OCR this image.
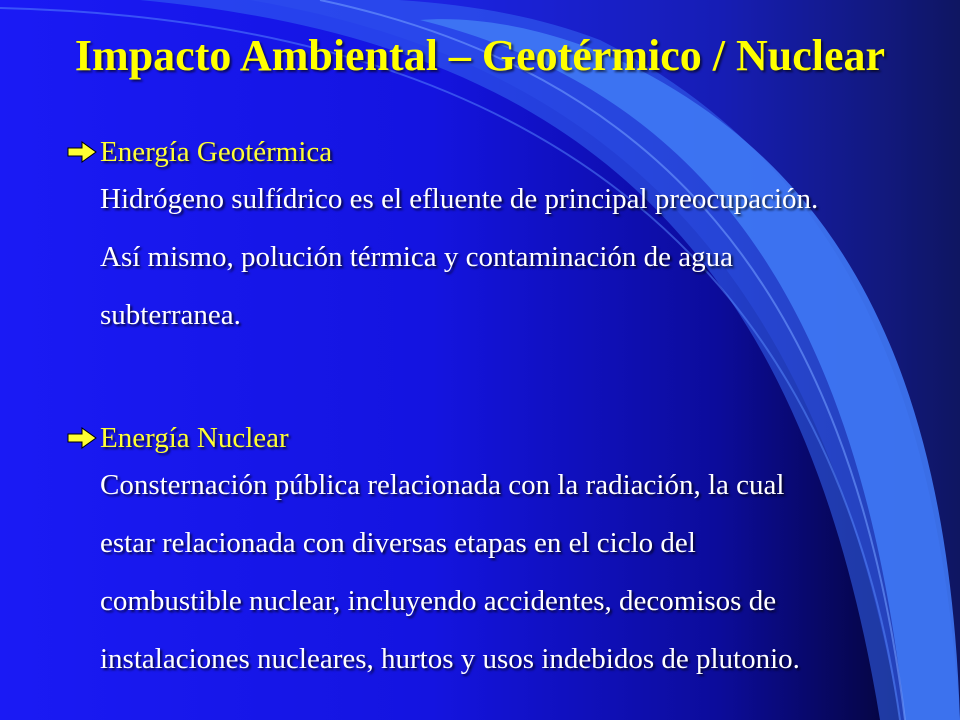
Impacto Ambiental – Geotérmico / Nuclear
Energía Geotérmica
Hidrógeno sulfídrico es el efluente de principal preocupación.
Así mismo, polución térmica y contaminación de agua
subterranea.
Energía Nuclear
Consternación pública relacionada con la radiación, la cual
estar relacionada con diversas etapas en el ciclo del
combustible nuclear, incluyendo accidentes, decomisos de
instalaciones nucleares, hurtos y usos indebidos de plutonio.
